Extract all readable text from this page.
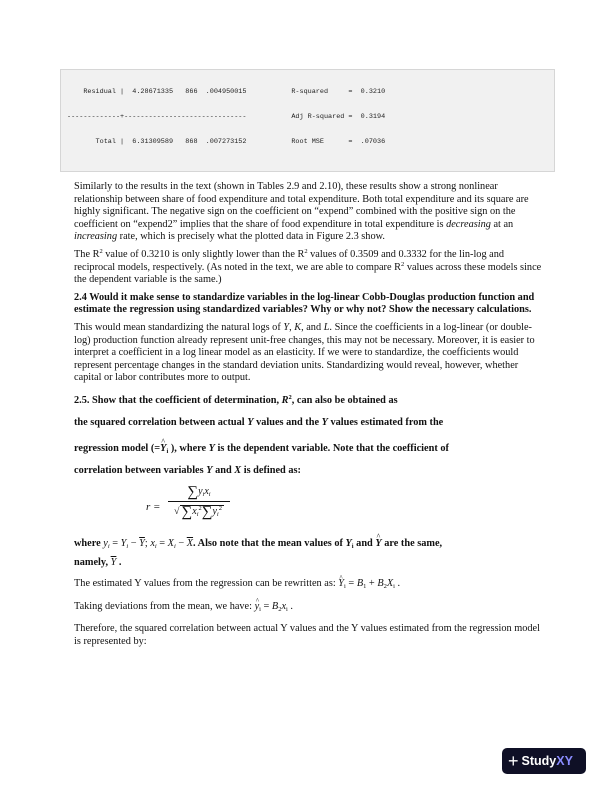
Residual |  4.28671335   866  .004950015           R-squared     =  0.3210

-------------+------------------------------           Adj R-squared =  0.3194

Total |  6.31309589   868  .007273152           Root MSE      =  .07036

Similarly to the results in the text (shown in Tables 2.9 and 2.10), these results show a strong nonlinear relationship between share of food expenditure and total expenditure. Both total expenditure and its square are highly significant. The negative sign on the coefficient on “expend” combined with the positive sign on the coefficient on “expend2” implies that the share of food expenditure in total expenditure is decreasing at an increasing rate, which is precisely what the plotted data in Figure 2.3 show.

The $R^2$ value of 0.3210 is only slightly lower than the $R^2$ values of 0.3509 and 0.3332 for the lin-log and reciprocal models, respectively. (As noted in the text, we are able to compare $R^2$ values across these models since the dependent variable is the same.)

2.4 Would it make sense to standardize variables in the log-linear Cobb-Douglas production function and estimate the regression using standardized variables? Why or why not? Show the necessary calculations.

This would mean standardizing the natural logs of Y, K, and L. Since the coefficients in a log-linear (or double-log) production function already represent unit-free changes, this may not be necessary. Moreover, it is easier to interpret a coefficient in a log linear model as an elasticity. If we were to standardize, the coefficients would represent percentage changes in the standard deviation units. Standardizing would reveal, however, whether capital or labor contributes more to output.

2.5. Show that the coefficient of determination, $R^2$, can also be obtained as
the squared correlation between actual Y values and the Y values estimated from the
regression model (=^ $Y_i$ ), where Y is the dependent variable. Note that the coefficient of
correlation between variables Y and X is defined as:
r =
$\sum y_ix_i$
√ $\sum x_i^2\sum y_i^2$
where $y_i = Y_i - \overline{Y}$; $x_i = X_i - \overline{X}$. Also note that the mean values of $Y_i$ and ^ Y are the same,
namely, $\overline{Y}$ .

The estimated Y values from the regression can be rewritten as: ^ $Y_i = B_1 + B_2X_i$ .

Taking deviations from the mean, we have: ^ $y_i = B_2x_i$ .

Therefore, the squared correlation between actual Y values and the Y values estimated from the regression model is represented by:

+ StudyXY
